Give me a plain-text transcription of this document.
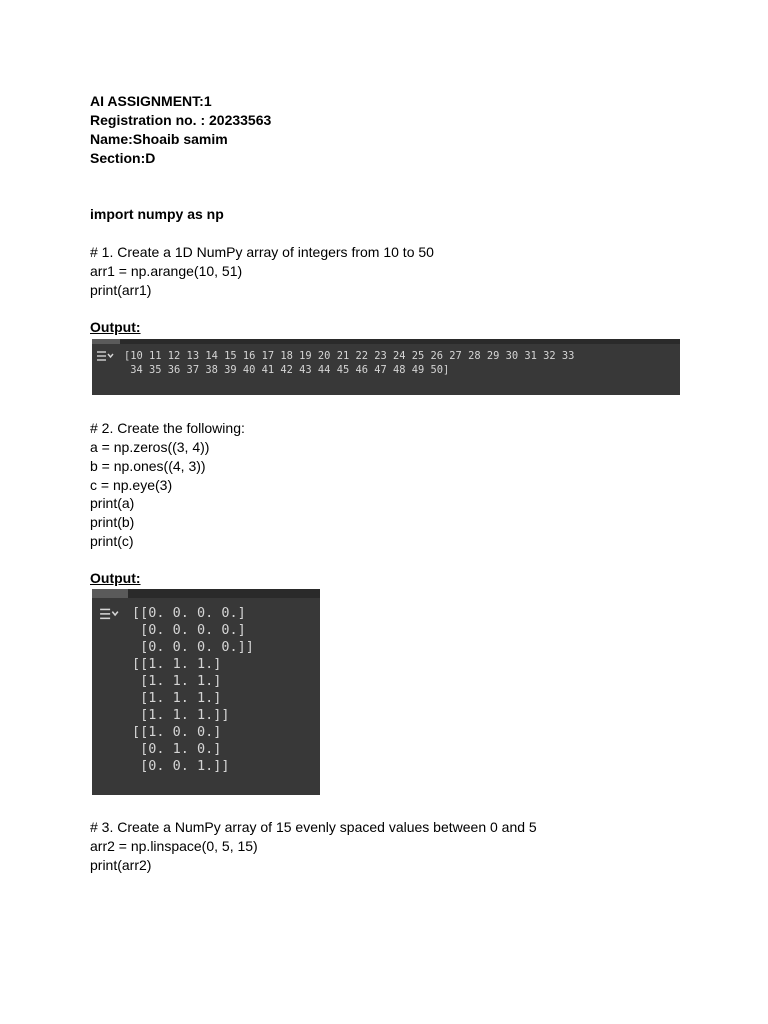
AI ASSIGNMENT:1
Registration no. : 20233563
Name:Shoaib samim
Section:D
import numpy as np
# 1. Create a 1D NumPy array of integers from 10 to 50
arr1 = np.arange(10, 51)
print(arr1)
Output:
[10 11 12 13 14 15 16 17 18 19 20 21 22 23 24 25 26 27 28 29 30 31 32 33
34 35 36 37 38 39 40 41 42 43 44 45 46 47 48 49 50]
# 2. Create the following:
a = np.zeros((3, 4))
b = np.ones((4, 3))
c = np.eye(3)
print(a)
print(b)
print(c)
Output:
[[0. 0. 0. 0.]
[0. 0. 0. 0.]
[0. 0. 0. 0.]]
[[1. 1. 1.]
[1. 1. 1.]
[1. 1. 1.]
[1. 1. 1.]]
[[1. 0. 0.]
[0. 1. 0.]
[0. 0. 1.]]
# 3. Create a NumPy array of 15 evenly spaced values between 0 and 5
arr2 = np.linspace(0, 5, 15)
print(arr2)
